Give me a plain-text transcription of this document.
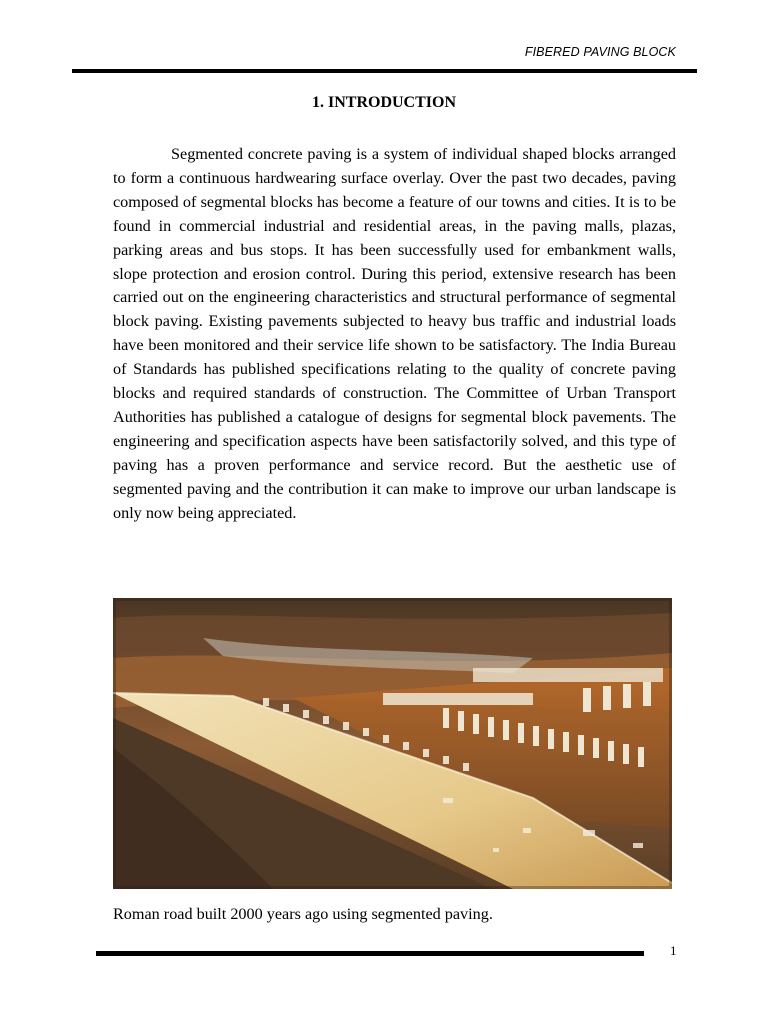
FIBERED PAVING BLOCK
1. INTRODUCTION

Segmented concrete paving is a system of individual shaped blocks arranged to form a continuous hardwearing surface overlay. Over the past two decades, paving composed of segmental blocks has become a feature of our towns and cities. It is to be found in commercial industrial and residential areas, in the paving malls, plazas, parking areas and bus stops. It has been successfully used for embankment walls, slope protection and erosion control. During this period, extensive research has been carried out on the engineering characteristics and structural performance of segmental block paving. Existing pavements subjected to heavy bus traffic and industrial loads have been monitored and their service life shown to be satisfactory. The India Bureau of Standards has published specifications relating to the quality of concrete paving blocks and required standards of construction. The Committee of Urban Transport Authorities has published a catalogue of designs for segmental block pavements. The engineering and specification aspects have been satisfactorily solved, and this type of paving has a proven performance and service record. But the aesthetic use of segmented paving and the contribution it can make to improve our urban landscape is only now being appreciated.

Roman road built 2000 years ago using segmented paving.
1
